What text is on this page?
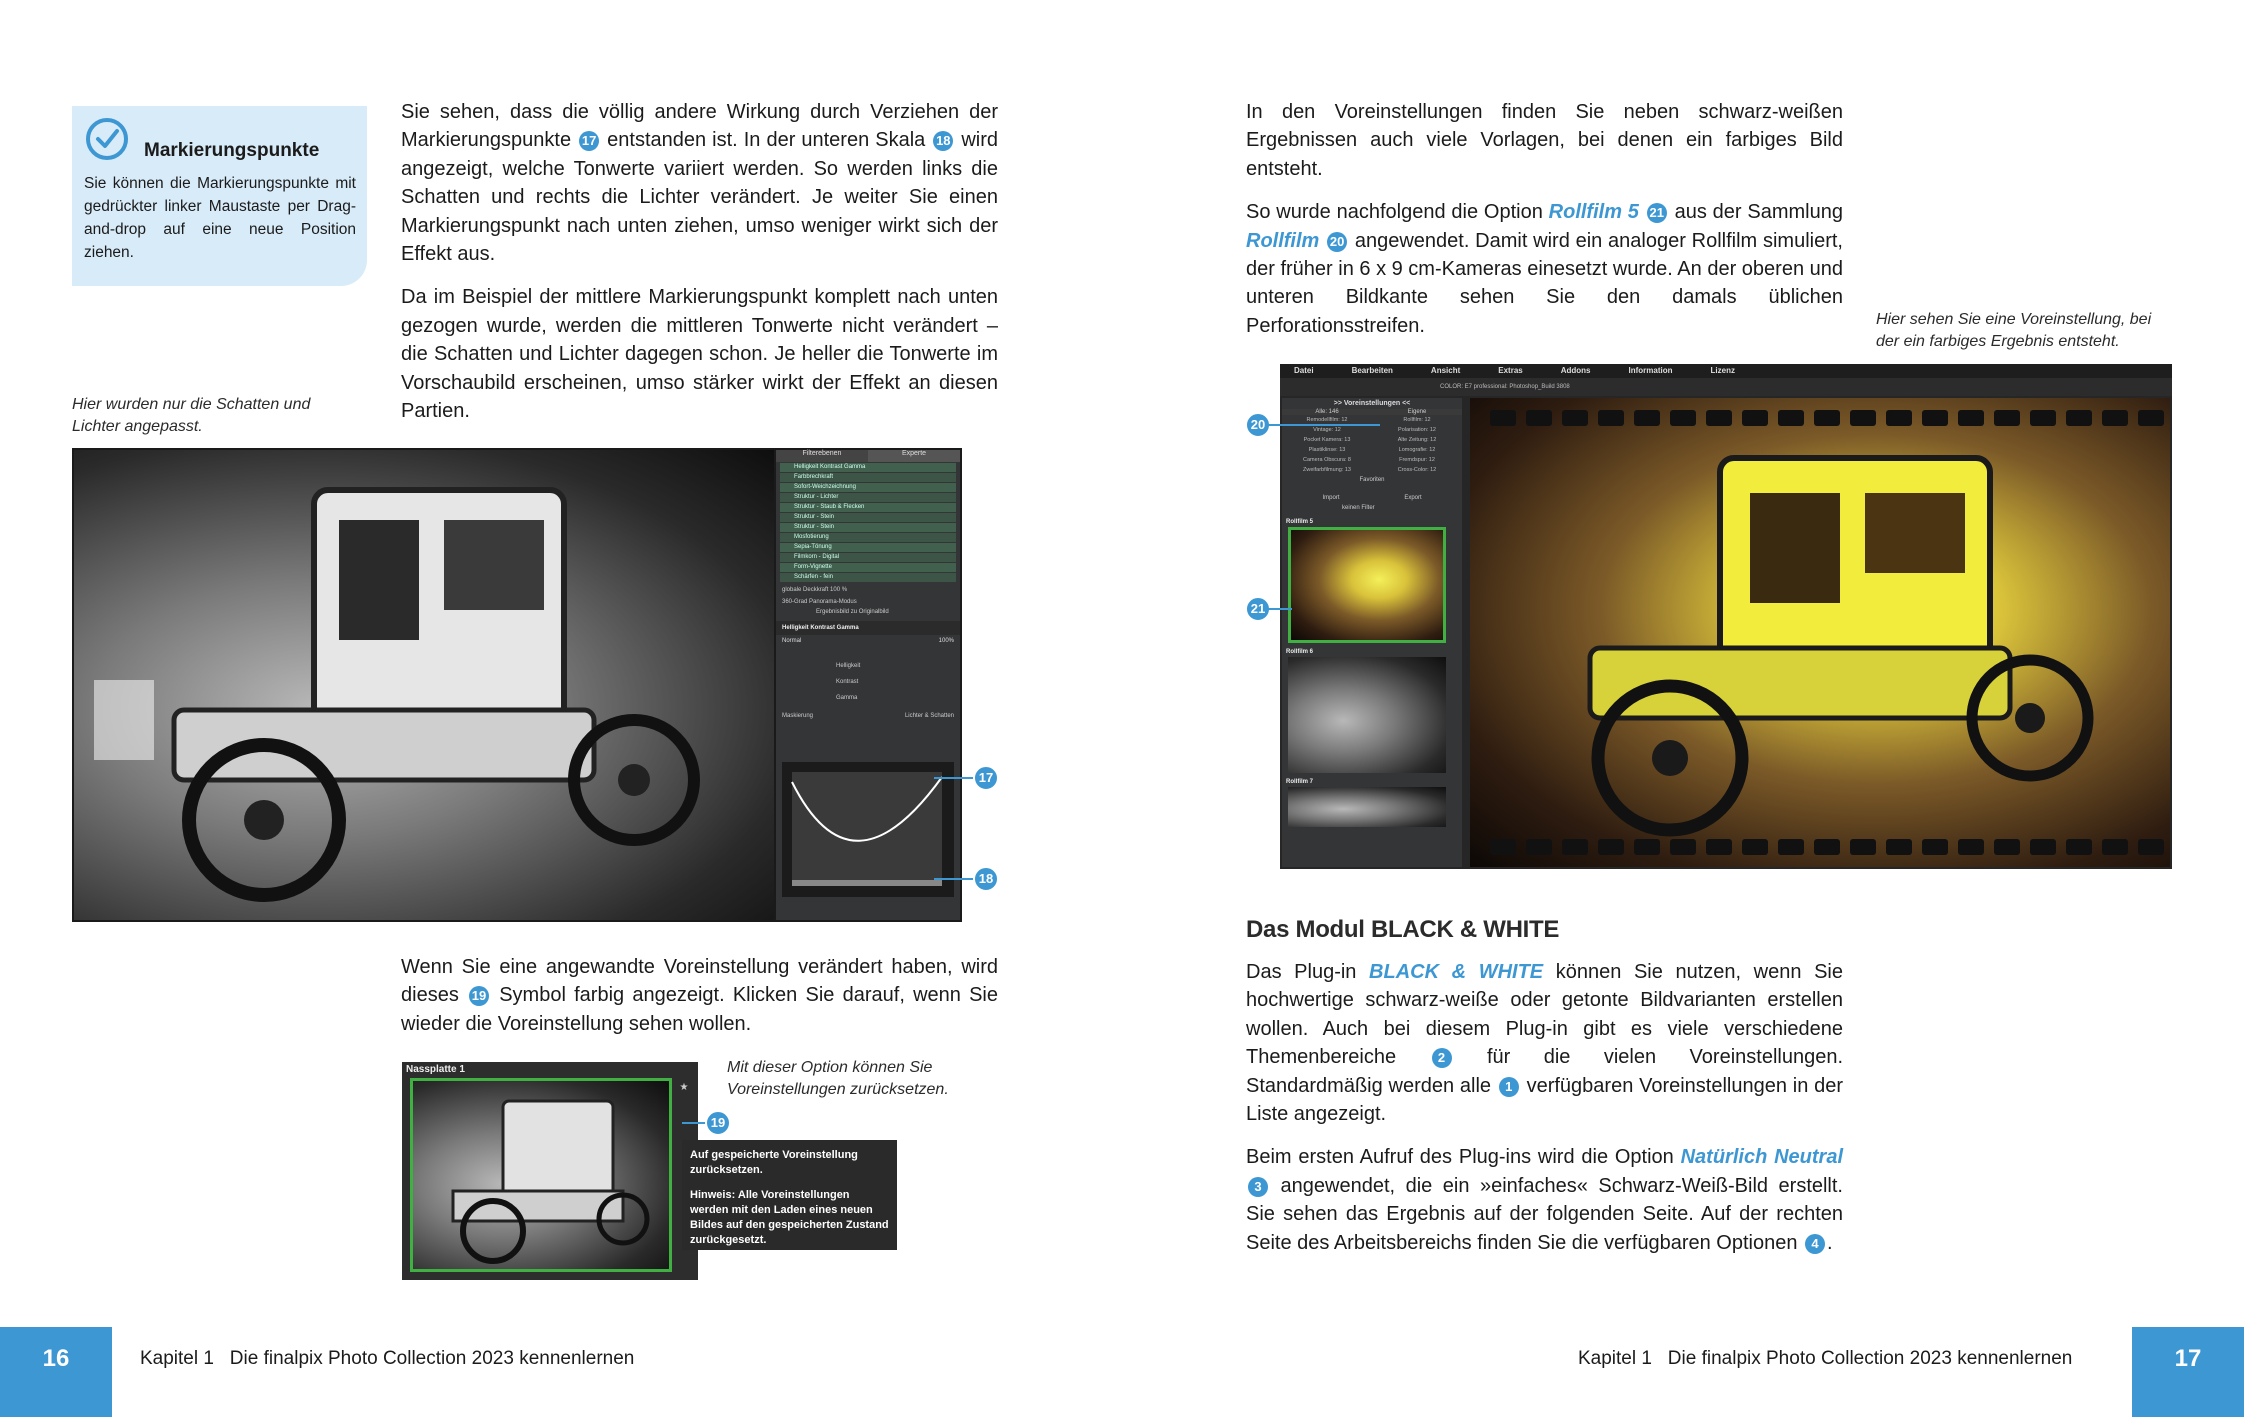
Markierungspunkte
Sie können die Markierungspunkte mit gedrückter linker Maustaste per Drag-and-drop auf eine neue Position ziehen.

Sie sehen, dass die völlig andere Wirkung durch Verziehen der Markierungspunkte 17 entstanden ist. In der unteren Skala 18 wird angezeigt, welche Tonwerte variiert werden. So werden links die Schatten und rechts die Lichter verändert. Je weiter Sie einen Markierungspunkt nach unten ziehen, umso weniger wirkt sich der Effekt aus.

Da im Beispiel der mittlere Markierungspunkt komplett nach unten gezogen wurde, werden die mittleren Tonwerte nicht verändert – die Schatten und Lichter dagegen schon. Je heller die Tonwerte im Vorschaubild erscheinen, umso stärker wirkt der Effekt an diesen Partien.

Hier wurden nur die Schatten und Lichter angepasst.
Filterebenen	Experte
Helligkeit Kontrast Gamma
Farbbrechkraft
Sofort-Weichzeichnung
Struktur - Lichter
Struktur - Staub & Flecken
Struktur - Stein
Struktur - Stein
Mosfotierung
Sepia-Tönung
Filmkorn - Digital
Form-Vignette
Schärfen - fein
globale Deckkraft 100 %
360-Grad Panorama-Modus
Ergebnisbild zu Originalbild
Helligkeit Kontrast Gamma
Normal	100%
Helligkeit
Kontrast
Gamma
Maskierung	Lichter & Schatten
17
18

Wenn Sie eine angewandte Voreinstellung verändert haben, wird dieses 19 Symbol farbig angezeigt. Klicken Sie darauf, wenn Sie wieder die Voreinstellung sehen wollen.

Nassplatte 1
★
19
Auf gespeicherte Voreinstellung zurücksetzen.
Hinweis: Alle Voreinstellungen werden mit den Laden eines neuen Bildes auf den gespeicherten Zustand zurückgesetzt.
Mit dieser Option können Sie Voreinstellungen zurücksetzen.
16	Kapitel 1 Die finalpix Photo Collection 2023 kennenlernen

In den Voreinstellungen finden Sie neben schwarz-weißen Ergebnissen auch viele Vorlagen, bei denen ein farbiges Bild entsteht.

So wurde nachfolgend die Option Rollfilm 5 21 aus der Sammlung Rollfilm 20 angewendet. Damit wird ein analoger Rollfilm simuliert, der früher in 6 x 9 cm-Kameras einesetzt wurde. An der oberen und unteren Bildkante sehen Sie den damals üblichen Perforationsstreifen.	Hier sehen Sie eine Voreinstellung, bei der ein farbiges Ergebnis entsteht.
Datei	Bearbeiten	Ansicht	Extras	Addons	Information	Lizenz
COLOR: E7 professional: Photoshop_Build 3808
>> Voreinstellungen <<
Alle: 146	Eigene
Remodellfilm: 12
Vintage: 12
Pocket Kamera: 13
Plastiklinse: 13
Camera Obscura: 8
Zweifarbfilmung: 13
Rollfilm: 12
Polarisation: 12
Alte Zeitung: 12
Lomografie: 12
Fremdspur: 12
Cross-Color: 12
Favoriten
Import	Export
keinen Filter
Rollfilm 5
Rollfilm 6
Rollfilm 7
20
21
Das Modul BLACK & WHITE

Das Plug-in BLACK & WHITE können Sie nutzen, wenn Sie hochwertige schwarz-weiße oder getonte Bildvarianten erstellen wollen. Auch bei diesem Plug-in gibt es viele verschiedene Themenbereiche	2 für die vielen Voreinstellungen. Standardmäßig werden alle 1 verfügbaren Voreinstellungen in der Liste angezeigt.

Beim ersten Aufruf des Plug-ins wird die Option Natürlich Neutral 3 angewendet, die ein »einfaches« Schwarz-Weiß-Bild erstellt. Sie sehen das Ergebnis auf der folgenden Seite. Auf der rechten Seite des Arbeitsbereichs finden Sie die verfügbaren Optionen 4 .

Kapitel 1 Die finalpix Photo Collection 2023 kennenlernen	17
